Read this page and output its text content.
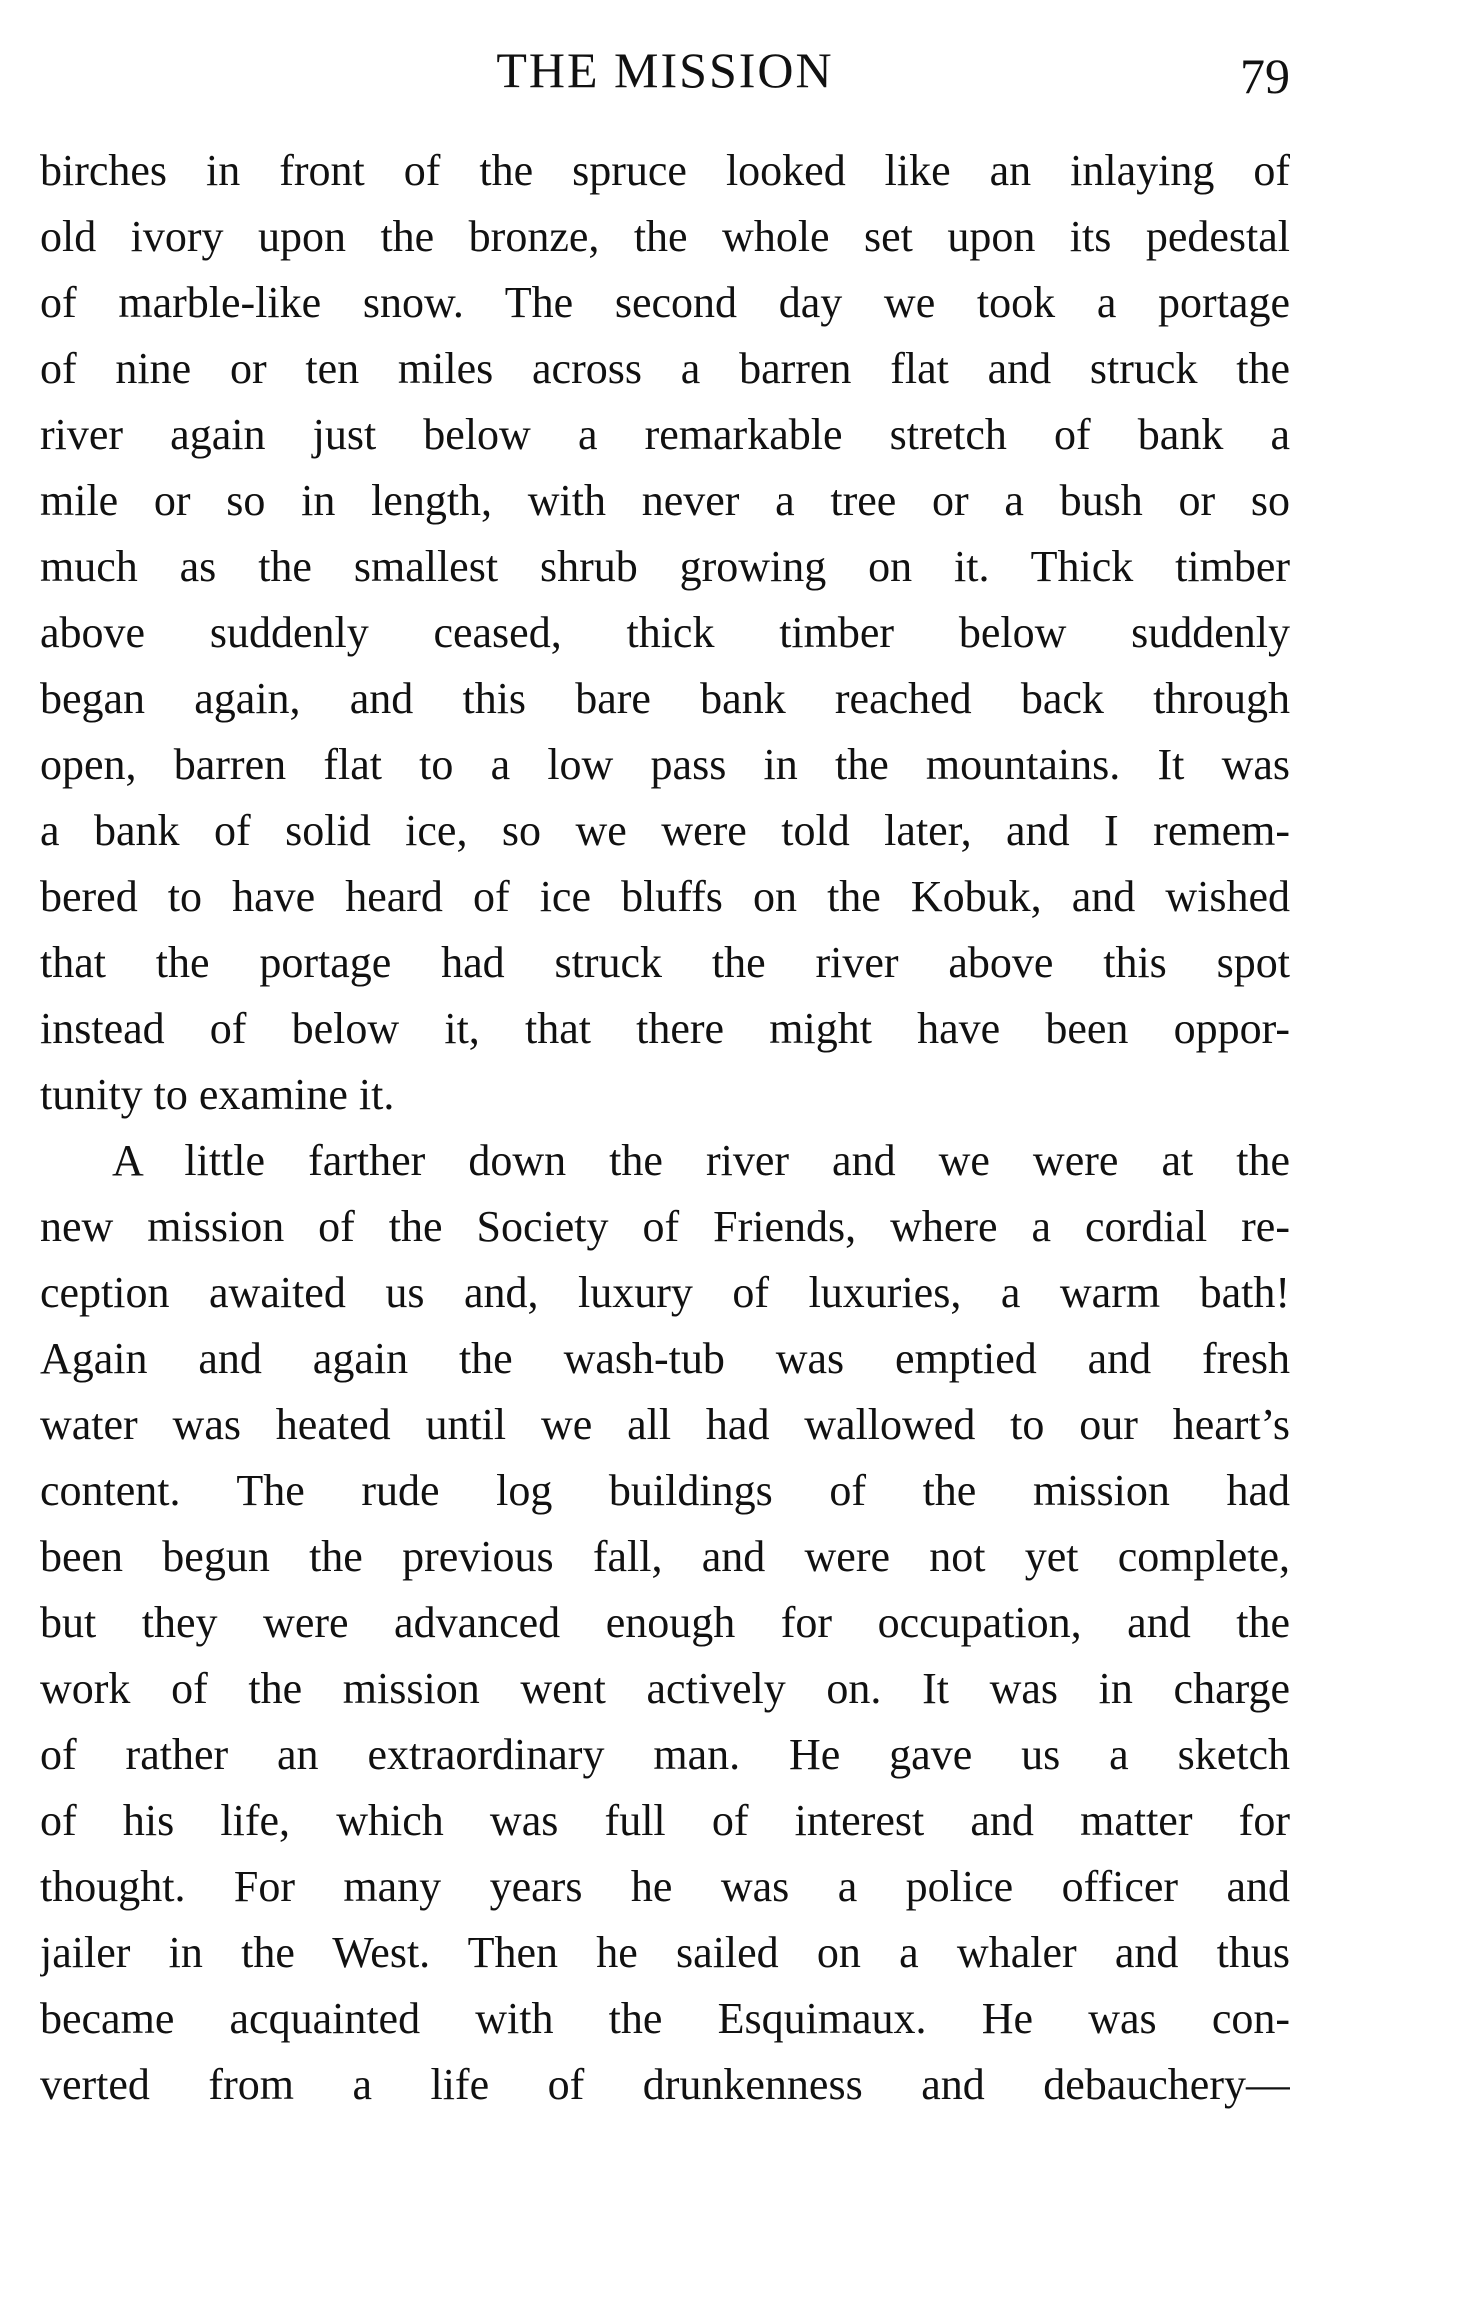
THE MISSION	79
birches in front of the spruce looked like an inlaying of
old ivory upon the bronze, the whole set upon its pedestal
of marble-like snow. The second day we took a portage
of nine or ten miles across a barren flat and struck the
river again just below a remarkable stretch of bank a
mile or so in length, with never a tree or a bush or so
much as the smallest shrub growing on it. Thick timber
above suddenly ceased, thick timber below suddenly
began again, and this bare bank reached back through
open, barren flat to a low pass in the mountains. It was
a bank of solid ice, so we were told later, and I remem-
bered to have heard of ice bluffs on the Kobuk, and wished
that the portage had struck the river above this spot
instead of below it, that there might have been oppor-
tunity to examine it.
A little farther down the river and we were at the
new mission of the Society of Friends, where a cordial re-
ception awaited us and, luxury of luxuries, a warm bath!
Again and again the wash-tub was emptied and fresh
water was heated until we all had wallowed to our heart’s
content. The rude log buildings of the mission had
been begun the previous fall, and were not yet complete,
but they were advanced enough for occupation, and the
work of the mission went actively on. It was in charge
of rather an extraordinary man. He gave us a sketch
of his life, which was full of interest and matter for
thought. For many years he was a police officer and
jailer in the West. Then he sailed on a whaler and thus
became acquainted with the Esquimaux. He was con-
verted from a life of drunkenness and debauchery—
